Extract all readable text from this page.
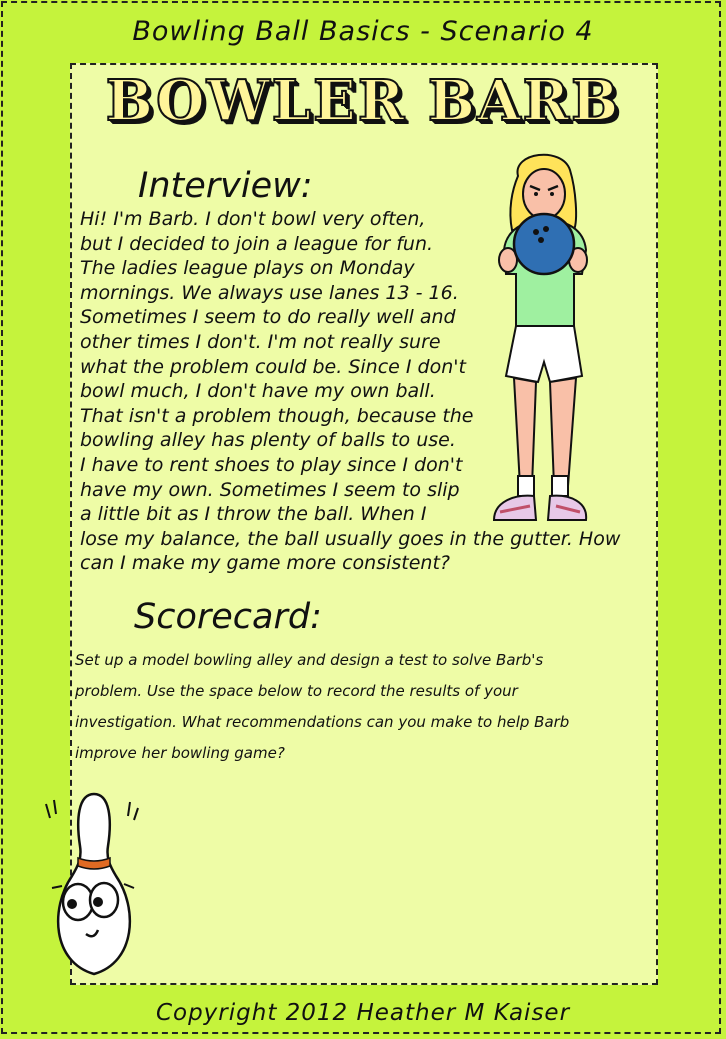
Bowling Ball Basics - Scenario 4
BOWLER BARB
Interview:
Hi! I'm Barb. I don't bowl very often,
but I decided to join a league for fun.
The ladies league plays on Monday
mornings. We always use lanes 13 - 16.
Sometimes I seem to do really well and
other times I don't. I'm not really sure
what the problem could be. Since I don't
bowl much, I don't have my own ball.
That isn't a problem though, because the
bowling alley has plenty of balls to use.
I have to rent shoes to play since I don't
have my own. Sometimes I seem to slip
a little bit as I throw the ball. When I
lose my balance, the ball usually goes in the gutter. How
can I make my game more consistent?
Scorecard:
Set up a model bowling alley and design a test to solve Barb's
problem. Use the space below to record the results of your
investigation. What recommendations can you make to help Barb
improve her bowling game?
Copyright 2012 Heather M Kaiser
